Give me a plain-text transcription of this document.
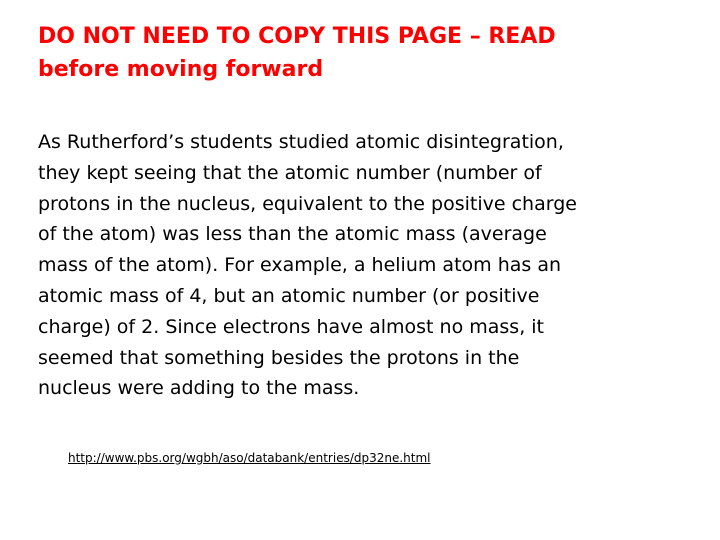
DO NOT NEED TO COPY THIS PAGE – READ
before moving forward
As Rutherford’s students studied atomic disintegration,
they kept seeing that the atomic number (number of
protons in the nucleus, equivalent to the positive charge
of the atom) was less than the atomic mass (average
mass of the atom). For example, a helium atom has an
atomic mass of 4, but an atomic number (or positive
charge) of 2. Since electrons have almost no mass, it
seemed that something besides the protons in the
nucleus were adding to the mass.
http://www.pbs.org/wgbh/aso/databank/entries/dp32ne.html
